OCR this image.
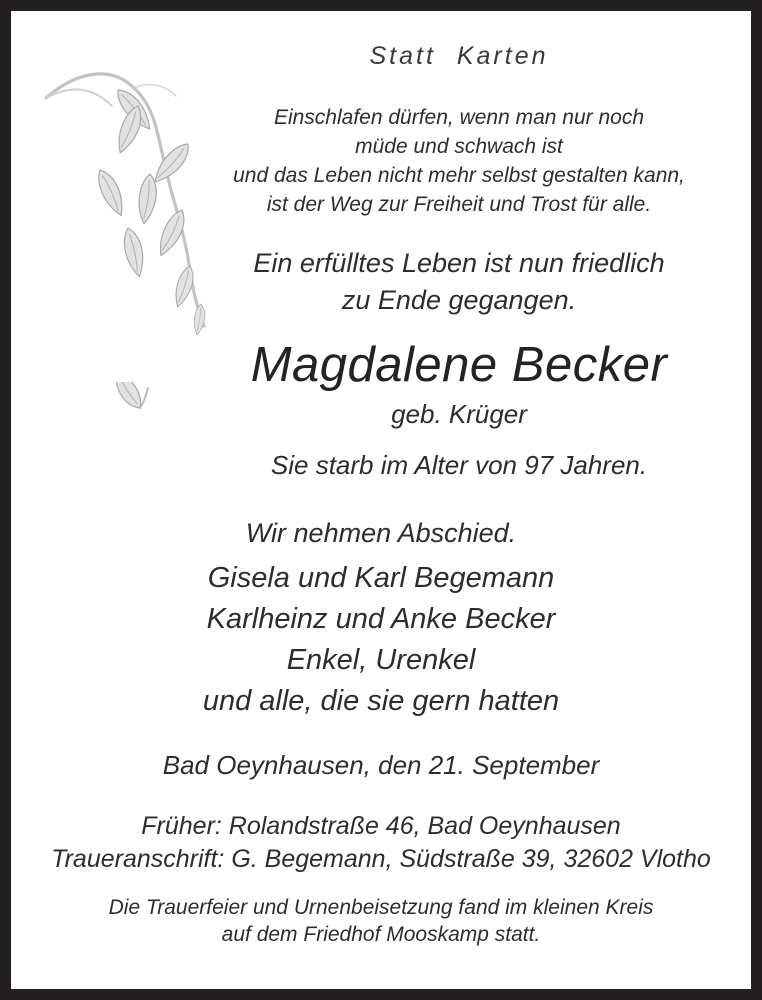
Statt Karten
Einschlafen dürfen, wenn man nur noch
müde und schwach ist
und das Leben nicht mehr selbst gestalten kann,
ist der Weg zur Freiheit und Trost für alle.
Ein erfülltes Leben ist nun friedlich
zu Ende gegangen.
Magdalene Becker
geb. Krüger
Sie starb im Alter von 97 Jahren.
Wir nehmen Abschied.
Gisela und Karl Begemann
Karlheinz und Anke Becker
Enkel, Urenkel
und alle, die sie gern hatten
Bad Oeynhausen, den 21. September
Früher: Rolandstraße 46, Bad Oeynhausen
Traueranschrift: G. Begemann, Südstraße 39, 32602 Vlotho
Die Trauerfeier und Urnenbeisetzung fand im kleinen Kreis
auf dem Friedhof Mooskamp statt.
